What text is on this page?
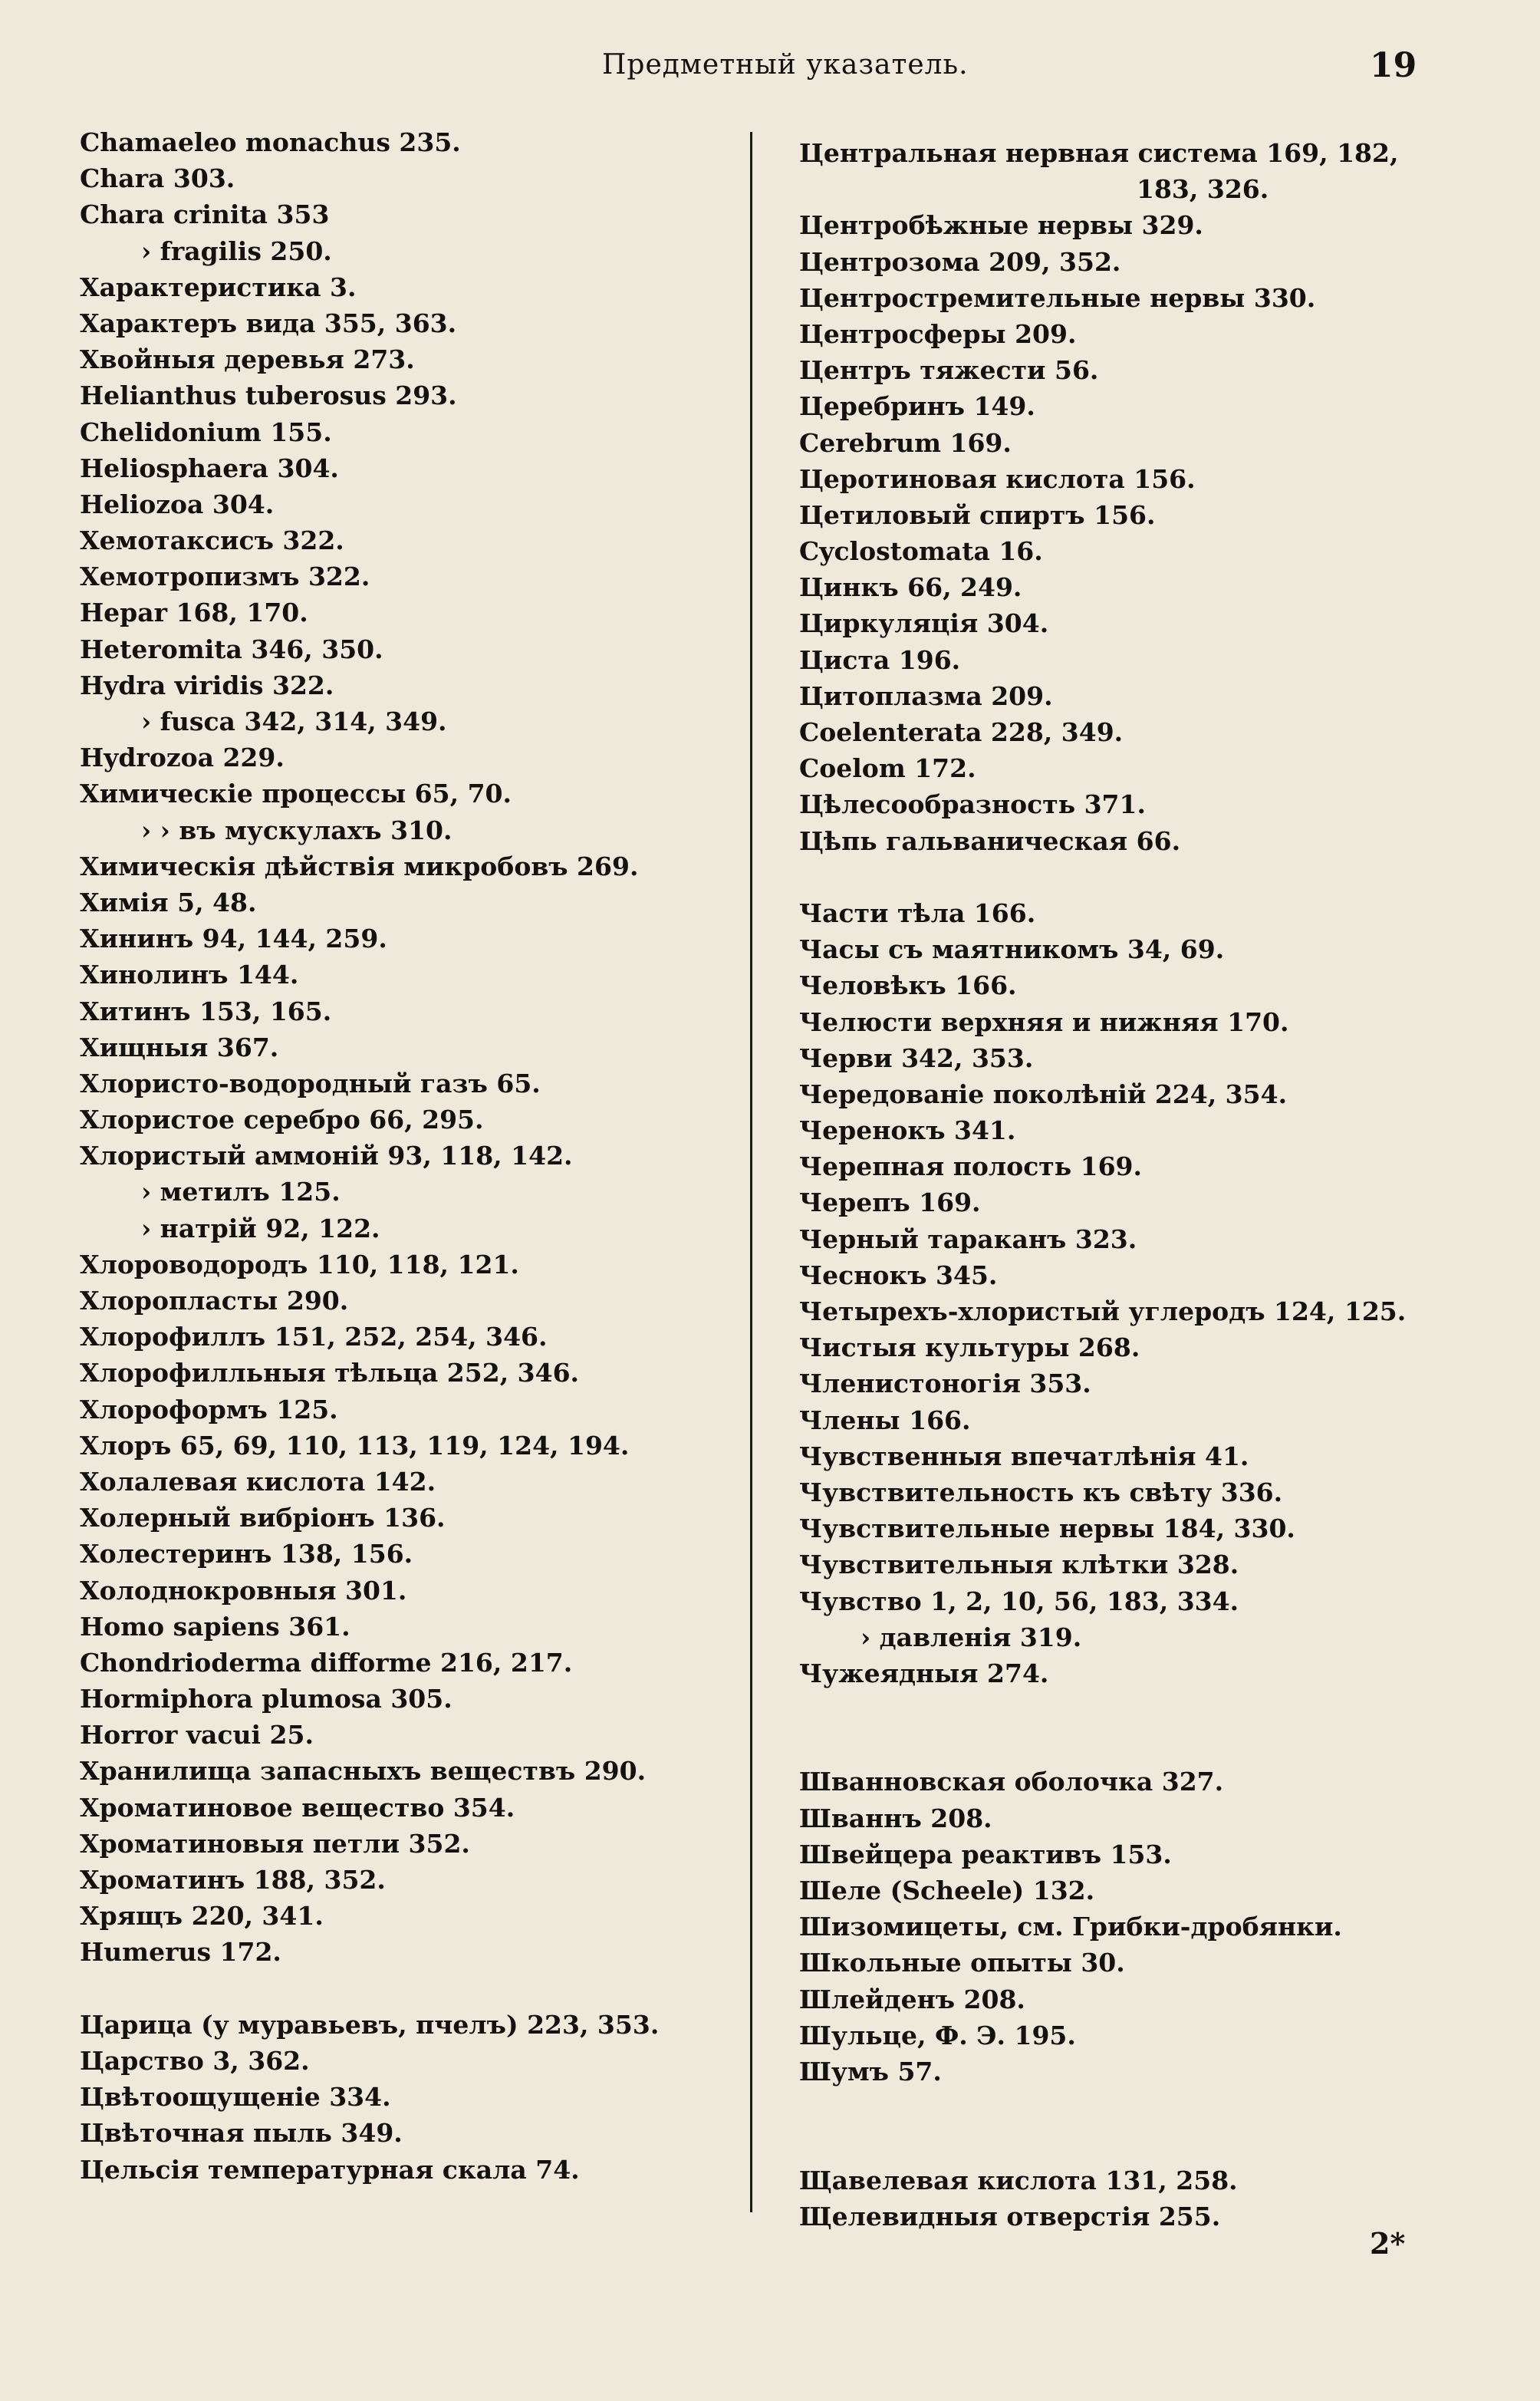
Предметный указатель.	19
Chamaeleo monachus 235.
Chara 303.
Chara crinita 353
› fragilis 250.
Характеристика 3.
Характеръ вида 355, 363.
Хвойныя деревья 273.
Helianthus tuberosus 293.
Chelidonium 155.
Heliosphaera 304.
Heliozoa 304.
Хемотаксисъ 322.
Хемотропизмъ 322.
Hepar 168, 170.
Heteromita 346, 350.
Hydra viridis 322.
› fusca 342, 314, 349.
Hydrozoa 229.
Химическіе процессы 65, 70.
› › въ мускулахъ 310.
Химическія дѣйствія микробовъ 269.
Химія 5, 48.
Хининъ 94, 144, 259.
Хинолинъ 144.
Хитинъ 153, 165.
Хищныя 367.
Хлористо-водородный газъ 65.
Хлористое серебро 66, 295.
Хлористый аммоній 93, 118, 142.
› метилъ 125.
› натрій 92, 122.
Хлороводородъ 110, 118, 121.
Хлоропласты 290.
Хлорофиллъ 151, 252, 254, 346.
Хлорофилльныя тѣльца 252, 346.
Хлороформъ 125.
Хлоръ 65, 69, 110, 113, 119, 124, 194.
Холалевая кислота 142.
Холерный вибріонъ 136.
Холестеринъ 138, 156.
Холоднокровныя 301.
Homo sapiens 361.
Chondrioderma difforme 216, 217.
Hormiphora plumosa 305.
Horror vacui 25.
Хранилища запасныхъ веществъ 290.
Хроматиновое вещество 354.
Хроматиновыя петли 352.
Хроматинъ 188, 352.
Хрящъ 220, 341.
Humerus 172.
Царица (у муравьевъ, пчелъ) 223, 353.
Царство 3, 362.
Цвѣтоощущеніе 334.
Цвѣточная пыль 349.
Цельсія температурная скала 74.
Центральная нервная система 169, 182,
183, 326.
Центробѣжные нервы 329.
Центрозома 209, 352.
Центростремительные нервы 330.
Центросферы 209.
Центръ тяжести 56.
Церебринъ 149.
Cerebrum 169.
Церотиновая кислота 156.
Цетиловый спиртъ 156.
Cyclostomata 16.
Цинкъ 66, 249.
Циркуляція 304.
Циста 196.
Цитоплазма 209.
Coelenterata 228, 349.
Coelom 172.
Цѣлесообразность 371.
Цѣпь гальваническая 66.
Части тѣла 166.
Часы съ маятникомъ 34, 69.
Человѣкъ 166.
Челюсти верхняя и нижняя 170.
Черви 342, 353.
Чередованіе поколѣній 224, 354.
Черенокъ 341.
Черепная полость 169.
Черепъ 169.
Черный тараканъ 323.
Чеснокъ 345.
Четырехъ-хлористый углеродъ 124, 125.
Чистыя культуры 268.
Членистоногія 353.
Члены 166.
Чувственныя впечатлѣнія 41.
Чувствительность къ свѣту 336.
Чувствительные нервы 184, 330.
Чувствительныя клѣтки 328.
Чувство 1, 2, 10, 56, 183, 334.
› давленія 319.
Чужеядныя 274.
Шванновская оболочка 327.
Шваннъ 208.
Швейцера реактивъ 153.
Шеле (Scheele) 132.
Шизомицеты, см. Грибки-дробянки.
Школьные опыты 30.
Шлейденъ 208.
Шульце, Ф. Э. 195.
Шумъ 57.
Щавелевая кислота 131, 258.
Щелевидныя отверстія 255.
2*
